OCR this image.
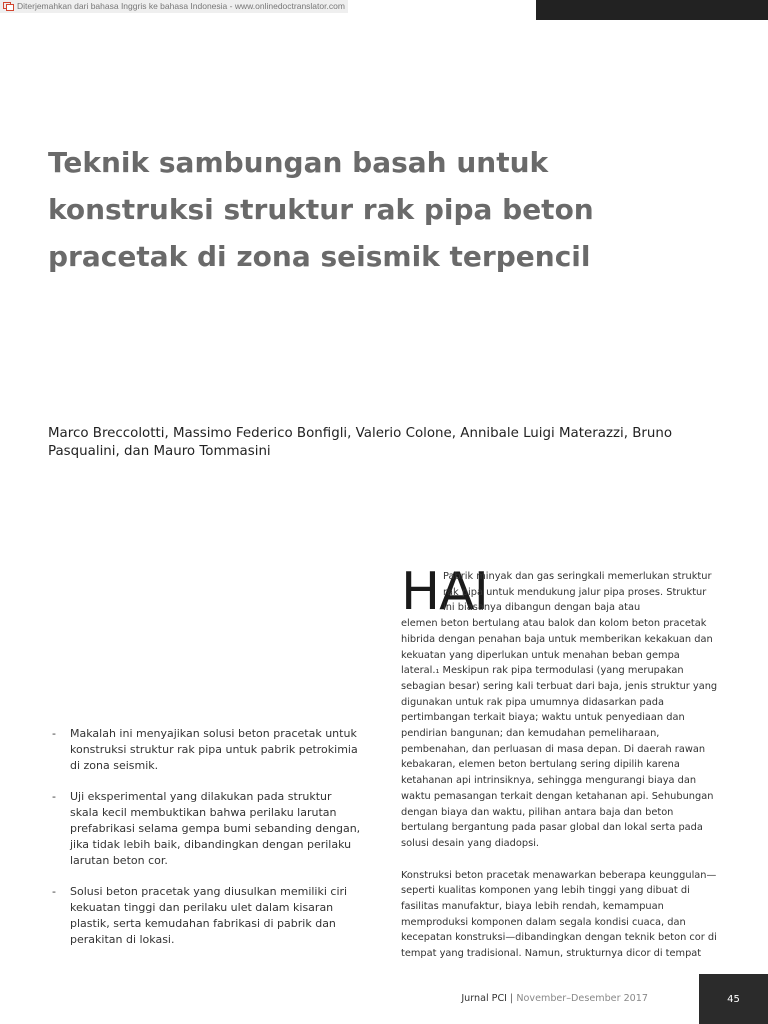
Diterjemahkan dari bahasa Inggris ke bahasa Indonesia - www.onlinedoctranslator.com
Teknik sambungan basah untuk konstruksi struktur rak pipa beton pracetak di zona seismik terpencil

Marco Breccolotti, Massimo Federico Bonfigli, Valerio Colone, Annibale Luigi Materazzi, Bruno Pasqualini, dan Mauro Tommasini

- Makalah ini menyajikan solusi beton pracetak untuk konstruksi struktur rak pipa untuk pabrik petrokimia di zona seismik.
- Uji eksperimental yang dilakukan pada struktur skala kecil membuktikan bahwa perilaku larutan prefabrikasi selama gempa bumi sebanding dengan, jika tidak lebih baik, dibandingkan dengan perilaku larutan beton cor.
- Solusi beton pracetak yang diusulkan memiliki ciri kekuatan tinggi dan perilaku ulet dalam kisaran plastik, serta kemudahan fabrikasi di pabrik dan perakitan di lokasi.
HAI

Pabrik minyak dan gas seringkali memerlukan struktur
rak pipa untuk mendukung jalur pipa proses. Struktur
ini biasanya dibangun dengan baja atau
elemen beton bertulang atau balok dan kolom beton pracetak hibrida dengan penahan baja untuk memberikan kekakuan dan kekuatan yang diperlukan untuk menahan beban gempa lateral.₁ Meskipun rak pipa termodulasi (yang merupakan sebagian besar) sering kali terbuat dari baja, jenis struktur yang digunakan untuk rak pipa umumnya didasarkan pada pertimbangan terkait biaya; waktu untuk penyediaan dan pendirian bangunan; dan kemudahan pemeliharaan, pembenahan, dan perluasan di masa depan. Di daerah rawan kebakaran, elemen beton bertulang sering dipilih karena ketahanan api intrinsiknya, sehingga mengurangi biaya dan waktu pemasangan terkait dengan ketahanan api. Sehubungan dengan biaya dan waktu, pilihan antara baja dan beton bertulang bergantung pada pasar global dan lokal serta pada solusi desain yang diadopsi.

Konstruksi beton pracetak menawarkan beberapa keunggulan— seperti kualitas komponen yang lebih tinggi yang dibuat di fasilitas manufaktur, biaya lebih rendah, kemampuan memproduksi komponen dalam segala kondisi cuaca, dan kecepatan konstruksi—dibandingkan dengan teknik beton cor di tempat yang tradisional. Namun, strukturnya dicor di tempat

Jurnal PCI | November–Desember 2017	45
